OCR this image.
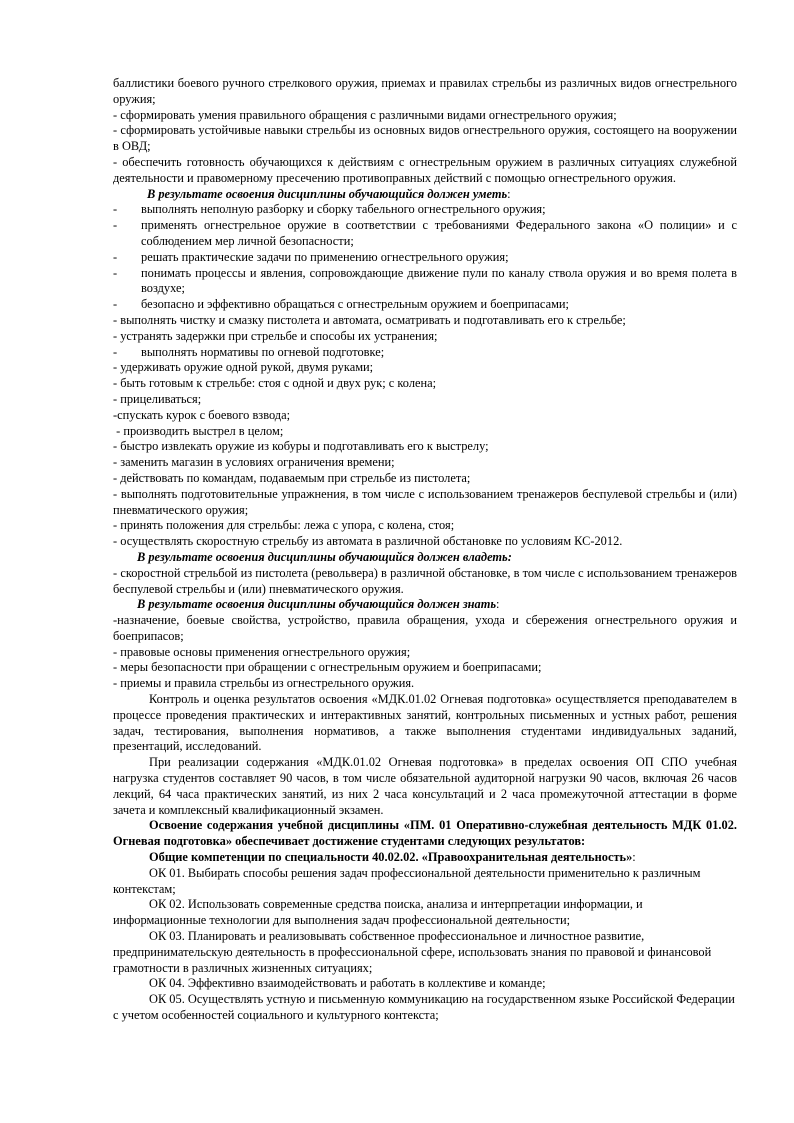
баллистики боевого ручного стрелкового оружия, приемах и правилах стрельбы из различных видов огнестрельного оружия;

- сформировать умения правильного обращения с различными видами огнестрельного оружия;

- сформировать устойчивые навыки стрельбы из основных видов огнестрельного оружия, состоящего на вооружении в ОВД;

- обеспечить готовность обучающихся к действиям с огнестрельным оружием в различных ситуациях служебной деятельности и правомерному пресечению противоправных действий с помощью огнестрельного оружия.

В результате освоения дисциплины обучающийся должен уметь:

- выполнять неполную разборку и сборку табельного огнестрельного оружия;

- применять огнестрельное оружие в соответствии с требованиями Федерального закона «О полиции» и с соблюдением мер личной безопасности;

- решать практические задачи по применению огнестрельного оружия;

- понимать процессы и явления, сопровождающие движение пули по каналу ствола оружия и во время полета в воздухе;

- безопасно и эффективно обращаться с огнестрельным оружием и боеприпасами;

- выполнять чистку и смазку пистолета и автомата, осматривать и подготавливать его к стрельбе;

- устранять задержки при стрельбе и способы их устранения;

- выполнять нормативы по огневой подготовке;

- удерживать оружие одной рукой, двумя руками;

- быть готовым к стрельбе: стоя с одной и двух рук; с колена;

- прицеливаться;

-спускать курок с боевого взвода;

- производить выстрел в целом;

- быстро извлекать оружие из кобуры и подготавливать его к выстрелу;

- заменить магазин в условиях ограничения времени;

- действовать по командам, подаваемым при стрельбе из пистолета;

- выполнять подготовительные упражнения, в том числе с использованием тренажеров беспулевой стрельбы и (или) пневматического оружия;

- принять положения для стрельбы: лежа с упора, с колена, стоя;

- осуществлять скоростную стрельбу из автомата в различной обстановке по условиям КС-2012.

В результате освоения дисциплины обучающийся должен владеть:

- скоростной стрельбой из пистолета (револьвера) в различной обстановке, в том числе с использованием тренажеров беспулевой стрельбы и (или) пневматического оружия.

В результате освоения дисциплины обучающийся должен знать:

-назначение, боевые свойства, устройство, правила обращения, ухода и сбережения огнестрельного оружия и боеприпасов;

- правовые основы применения огнестрельного оружия;

- меры безопасности при обращении с огнестрельным оружием и боеприпасами;

- приемы и правила стрельбы из огнестрельного оружия.

Контроль и оценка результатов освоения «МДК.01.02 Огневая подготовка» осуществляется преподавателем в процессе проведения практических и интерактивных занятий, контрольных письменных и устных работ, решения задач, тестирования, выполнения нормативов, а также выполнения студентами индивидуальных заданий, презентаций, исследований.

При реализации содержания «МДК.01.02 Огневая подготовка» в пределах освоения ОП СПО учебная нагрузка студентов составляет 90 часов, в том числе обязательной аудиторной нагрузки 90 часов, включая 26 часов лекций, 64 часа практических занятий, из них 2 часа консультаций и 2 часа промежуточной аттестации в форме зачета и комплексный квалификационный экзамен.

Освоение содержания учебной дисциплины «ПМ. 01 Оперативно-служебная деятельность МДК 01.02. Огневая подготовка» обеспечивает достижение студентами следующих результатов:

Общие компетенции по специальности 40.02.02. «Правоохранительная деятельность»:

ОК 01. Выбирать способы решения задач профессиональной деятельности применительно к различным контекстам;

ОК 02. Использовать современные средства поиска, анализа и интерпретации информации, и информационные технологии для выполнения задач профессиональной деятельности;

ОК 03. Планировать и реализовывать собственное профессиональное и личностное развитие, предпринимательскую деятельность в профессиональной сфере, использовать знания по правовой и финансовой грамотности в различных жизненных ситуациях;

ОК 04. Эффективно взаимодействовать и работать в коллективе и команде;

ОК 05. Осуществлять устную и письменную коммуникацию на государственном языке Российской Федерации с учетом особенностей социального и культурного контекста;
